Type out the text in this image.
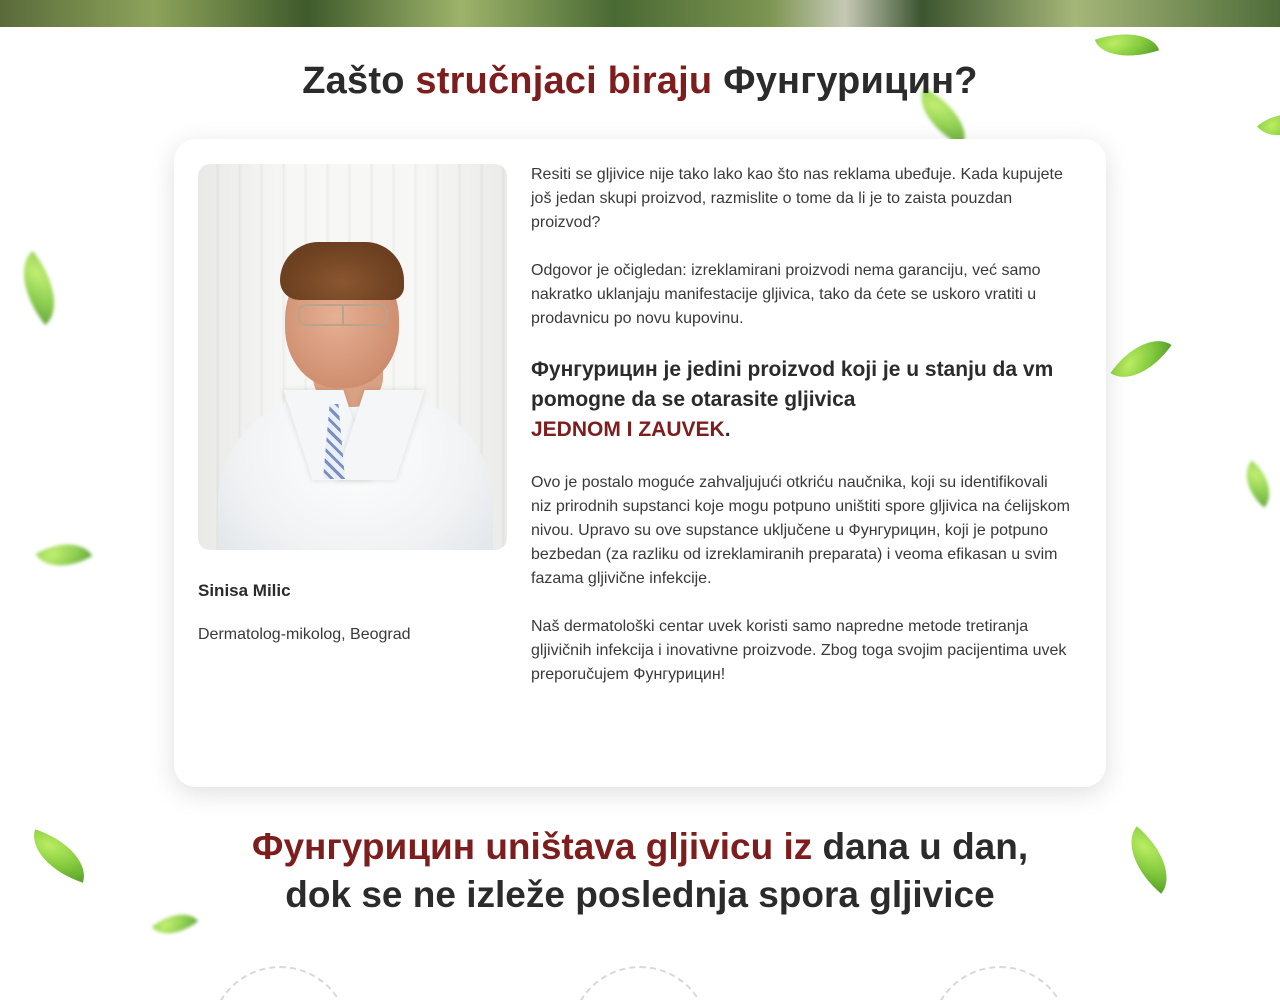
Zašto stručnjaci biraju Фунгурицин?
Sinisa Milic
Dermatolog-mikolog, Beograd

Resiti se gljivice nije tako lako kao što nas reklama ubeđuje. Kada kupujete još jedan skupi proizvod, razmislite o tome da li je to zaista pouzdan proizvod?

Odgovor je očigledan: izreklamirani proizvodi nema garanciju, već samo nakratko uklanjaju manifestacije gljivica, tako da ćete se uskoro vratiti u prodavnicu po novu kupovinu.

Фунгурицин je jedini proizvod koji je u stanju da vm pomogne da se otarasite gljivica
JEDNOM I ZAUVEK.

Ovo je postalo moguće zahvaljujući otkriću naučnika, koji su identifikovali niz prirodnih supstanci koje mogu potpuno uništiti spore gljivica na ćelijskom nivou. Upravo su ove supstance uključene u Фунгурицин, koji je potpuno bezbedan (za razliku od izreklamiranih preparata) i veoma efikasan u svim fazama gljivične infekcije.

Naš dermatološki centar uvek koristi samo napredne metode tretiranja gljivičnih infekcija i inovativne proizvode. Zbog toga svojim pacijentima uvek preporučujem Фунгурицин!

Фунгурицин uništava gljivicu iz dana u dan,
dok se ne izleže poslednja spora gljivice
